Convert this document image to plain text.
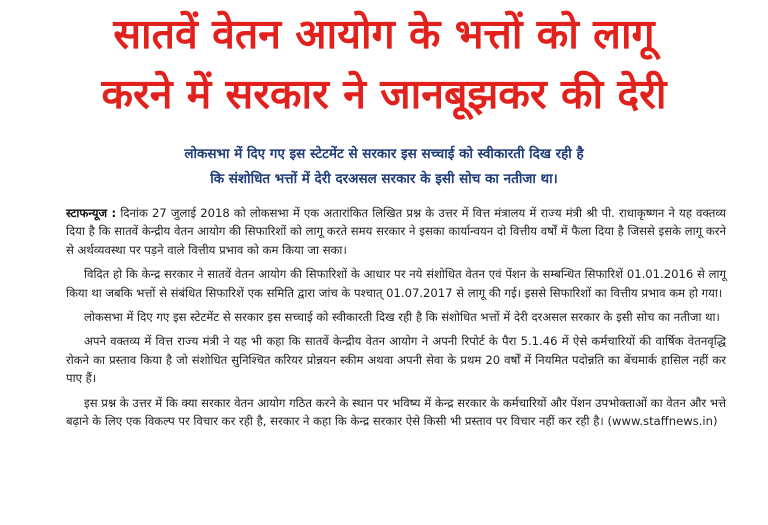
सातवें वेतन आयोग के भत्तों को लागू
करने में सरकार ने जानबूझकर की देरी
लोकसभा में दिए गए इस स्टेटमेंट से सरकार इस सच्चाई को स्वीकारती दिख रही है
कि संशोधित भत्तों में देरी दरअसल सरकार के इसी सोच का नतीजा था।

स्टाफन्यूज : दिनांक 27 जुलाई 2018 को लोकसभा में एक अतारांकित लिखित प्रश्न के उत्तर में वित्त मंत्रालय में राज्य मंत्री श्री पी. राधाकृष्णन ने यह वक्तव्य दिया है कि सातवें केन्द्रीय वेतन आयोग की सिफारिशों को लागू करते समय सरकार ने इसका कार्यान्वयन दो वित्तीय वर्षों में फैला दिया है जिससे इसके लागू करने से अर्थव्यवस्था पर पड़ने वाले वित्तीय प्रभाव को कम किया जा सका।

विदित हो कि केन्द्र सरकार ने सातवें वेतन आयोग की सिफारिशों के आधार पर नये संशोधित वेतन एवं पेंशन के सम्बन्धित सिफारिशें 01.01.2016 से लागू किया था जबकि भत्तों से संबंधित सिफारिशें एक समिति द्वारा जांच के पश्चात् 01.07.2017 से लागू की गई। इससे सिफारिशों का वित्तीय प्रभाव कम हो गया।

लोकसभा में दिए गए इस स्टेटमेंट से सरकार इस सच्चाई को स्वीकारती दिख रही है कि संशोधित भत्तों में देरी दरअसल सरकार के इसी सोच का नतीजा था।

अपने वक्तव्य में वित्त राज्य मंत्री ने यह भी कहा कि सातवें केन्द्रीय वेतन आयोग ने अपनी रिपोर्ट के पैरा 5.1.46 में ऐसे कर्मचारियों की वार्षिक वेतनवृद्धि रोकने का प्रस्ताव किया है जो संशोधित सुनिश्चित करियर प्रोन्नयन स्कीम अथवा अपनी सेवा के प्रथम 20 वर्षों में नियमित पदोन्नति का बेंचमार्क हासिल नहीं कर पाए हैं।

इस प्रश्न के उत्तर में कि क्या सरकार वेतन आयोग गठित करने के स्थान पर भविष्य में केन्द्र सरकार के कर्मचारियों और पेंशन उपभोक्ताओं का वेतन और भत्ते बढ़ाने के लिए एक विकल्प पर विचार कर रही है, सरकार ने कहा कि केन्द्र सरकार ऐसे किसी भी प्रस्ताव पर विचार नहीं कर रही है। (www.staffnews.in)
